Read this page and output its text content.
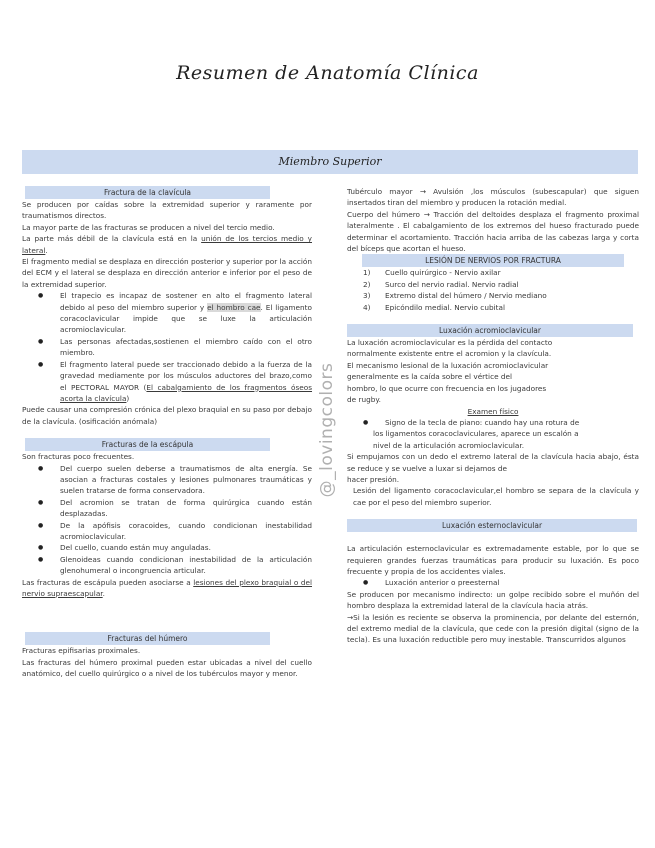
Resumen de Anatomía Clínica
Miembro Superior
@_lovingcolors
Fractura de la clavícula

Se producen por caídas sobre la extremidad superior y raramente por traumatismos directos.

La mayor parte de las fracturas se producen a nivel del tercio medio.

La parte más débil de la clavícula está en la unión de los tercios medio y lateral.

El fragmento medial se desplaza en dirección posterior y superior por la acción del ECM y el lateral se desplaza en dirección anterior e inferior por el peso de la extremidad superior.

● El trapecio es incapaz de sostener en alto el fragmento lateral debido al peso del miembro superior y el hombro cae. El ligamento coracoclavicular impide que se luxe la articulación acromioclavicular.
● Las personas afectadas,sostienen el miembro caído con el otro miembro.
● El fragmento lateral puede ser traccionado debido a la fuerza de la gravedad mediamente por los músculos aductores del brazo,como el PECTORAL MAYOR (El cabalgamiento de los fragmentos óseos acorta la clavícula)

Puede causar una compresión crónica del plexo braquial en su paso por debajo de la clavícula. (osificación anómala)

Fracturas de la escápula

Son fracturas poco frecuentes.

● Del cuerpo suelen deberse a traumatismos de alta energía. Se asocian a fracturas costales y lesiones pulmonares traumáticas y suelen tratarse de forma conservadora.
● Del acromion se tratan de forma quirúrgica cuando están desplazadas.
● De la apófisis coracoides, cuando condicionan inestabilidad acromioclavicular.
● Del cuello, cuando están muy anguladas.
● Glenoideas cuando condicionan inestabilidad de la articulación glenohumeral o incongruencia articular.

Las fracturas de escápula pueden asociarse a lesiones del plexo braquial o del nervio supraescapular.

Fracturas del húmero

Fracturas epifisarias proximales.

Las fracturas del húmero proximal pueden estar ubicadas a nivel del cuello anatómico, del cuello quirúrgico o a nivel de los tubérculos mayor y menor.

Tubérculo mayor → Avulsión ,los músculos (subescapular) que siguen insertados tiran del miembro y producen la rotación medial.

Cuerpo del húmero → Tracción del deltoides desplaza el fragmento proximal lateralmente . El cabalgamiento de los extremos del hueso fracturado puede determinar el acortamiento. Tracción hacia arriba de las cabezas larga y corta del bíceps que acortan el hueso.

LESIÓN DE NERVIOS POR FRACTURA
1) Cuello quirúrgico - Nervio axilar
2) Surco del nervio radial. Nervio radial
3) Extremo distal del húmero / Nervio mediano
4) Epicóndilo medial. Nervio cubital
Luxación acromioclavicular

La luxación acromioclavicular es la pérdida del contacto

normalmente existente entre el acromion y la clavícula.

El mecanismo lesional de la luxación acromioclavicular

generalmente es la caída sobre el vértice del

hombro, lo que ocurre con frecuencia en los jugadores

de rugby.

Examen físico

● Signo de la tecla de piano: cuando hay una rotura de

los ligamentos coracoclaviculares, aparece un escalón a

nivel de la articulación acromioclavicular.

Si empujamos con un dedo el extremo lateral de la clavícula hacia abajo, ésta se reduce y se vuelve a luxar si dejamos de

hacer presión.

Lesión del ligamento coracoclavicular,el hombro se separa de la clavícula y cae por el peso del miembro superior.

Luxación esternoclavicular

La articulación esternoclavicular es extremadamente estable, por lo que se requieren grandes fuerzas traumáticas para producir su luxación. Es poco frecuente y propia de los accidentes viales.

● Luxación anterior o preesternal

Se producen por mecanismo indirecto: un golpe recibido sobre el muñón del hombro desplaza la extremidad lateral de la clavícula hacia atrás.

→Si la lesión es reciente se observa la prominencia, por delante del esternón, del extremo medial de la clavícula, que cede con la presión digital (signo de la tecla). Es una luxación reductible pero muy inestable. Transcurridos algunos
